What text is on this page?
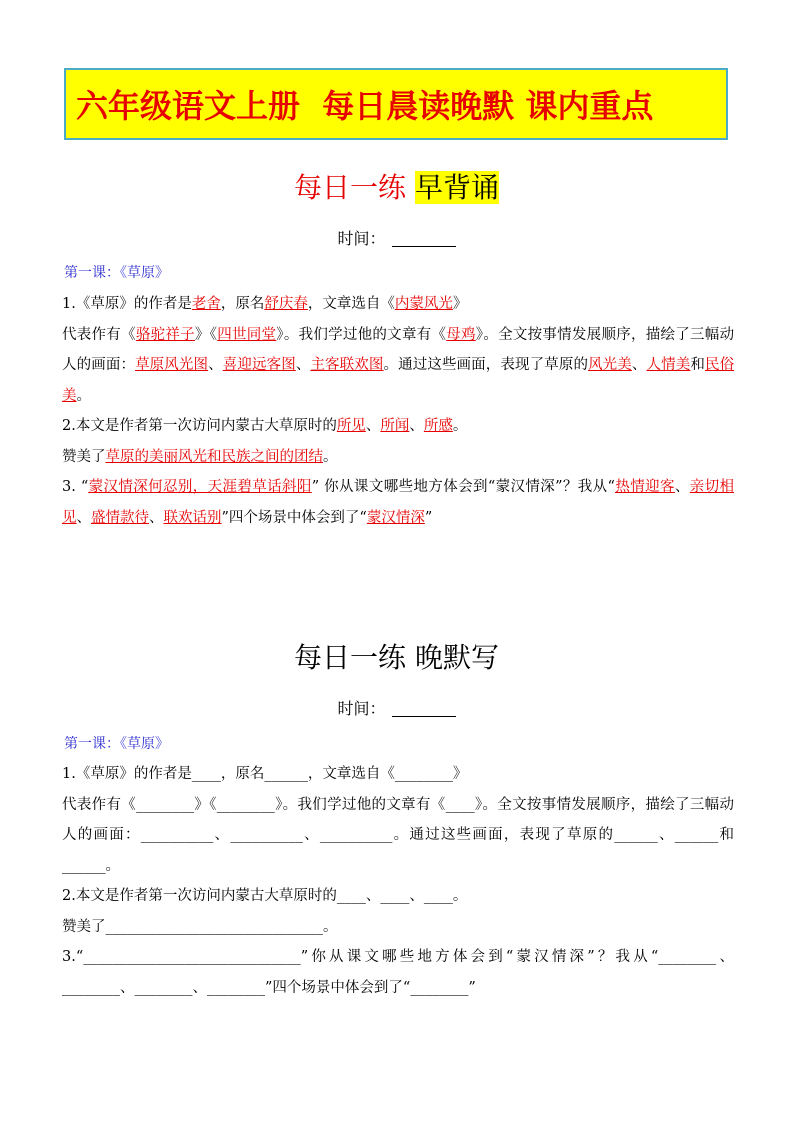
六年级语文上册  每日晨读晚默 课内重点
每日一练 早背诵
时间：
第一课：《草原》

1.《草原》的作者是老舍，原名舒庆春，文章选自《内蒙风光》

代表作有《骆驼祥子》《四世同堂》。我们学过他的文章有《母鸡》。全文按事情发展顺序，描绘了三幅动人的画面：草原风光图、喜迎远客图、主客联欢图。通过这些画面，表现了草原的风光美、人情美和民俗美。

2.本文是作者第一次访问内蒙古大草原时的所见、所闻、所感。

赞美了草原的美丽风光和民族之间的团结。

3. “蒙汉情深何忍别，天涯碧草话斜阳” 你从课文哪些地方体会到“蒙汉情深”？我从“热情迎客、亲切相见、盛情款待、联欢话别”四个场景中体会到了“蒙汉情深”

每日一练 晚默写
时间：
第一课：《草原》

1.《草原》的作者是____，原名______，文章选自《________》

代表作有《________》《________》。我们学过他的文章有《____》。全文按事情发展顺序，描绘了三幅动人的画面：__________、__________、__________。通过这些画面，表现了草原的______、______和______。

2.本文是作者第一次访问内蒙古大草原时的____、____、____。

赞美了______________________________。

3.“______________________________”你从课文哪些地方体会到“蒙汉情深”？我从“________、________、________、________”四个场景中体会到了“________”
